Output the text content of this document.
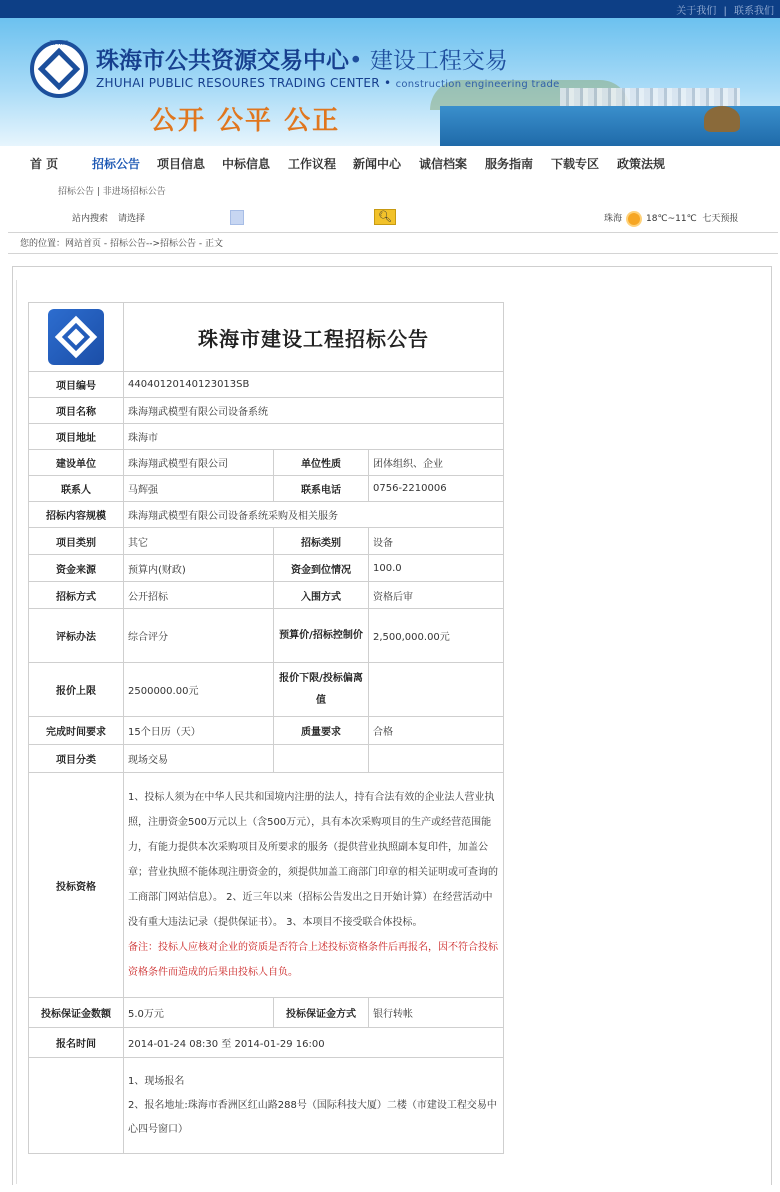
关于我们 | 联系我们
ZPRTC
珠海市公共资源交易中心• 建设工程交易
ZHUHAI PUBLIC RESOURES TRADING CENTER • construction engineering trade
公开 公平 公正
首 页	招标公告 项目信息 中标信息 工作议程 新闻中心 诚信档案 服务指南 下载专区 政策法规
招标公告 | 非进场招标公告
站内搜索 请选择	🔍︎	珠海	18℃~11℃ 七天预报
您的位置：网站首页 - 招标公告-->招标公告 - 正文
	珠海市建设工程招标公告		
项目编号	44040120140123013SB		
项目名称	珠海翔武模型有限公司设备系统		
项目地址	珠海市		
建设单位	珠海翔武模型有限公司	单位性质	团体组织、企业
联系人	马辉强	联系电话	0756-2210006
招标内容规模	珠海翔武模型有限公司设备系统采购及相关服务		
项目类别	其它	招标类别	设备
资金来源	预算内(财政)	资金到位情况	100.0
招标方式	公开招标	入围方式	资格后审
评标办法	综合评分	预算价/招标控制价	2,500,000.00元
报价上限	2500000.00元	报价下限/投标偏离值	
完成时间要求	15个日历（天）	质量要求	合格
项目分类	现场交易		
投标资格	1、投标人须为在中华人民共和国境内注册的法人，持有合法有效的企业法人营业执照，注册资金500万元以上（含500万元），具有本次采购项目的生产或经营范围能力，有能力提供本次采购项目及所要求的服务（提供营业执照副本复印件，加盖公章；营业执照不能体现注册资金的，须提供加盖工商部门印章的相关证明或可查询的工商部门网站信息）。 2、近三年以来（招标公告发出之日开始计算）在经营活动中没有重大违法记录（提供保证书）。 3、本项目不接受联合体投标。
备注：投标人应核对企业的资质是否符合上述投标资格条件后再报名，因不符合投标资格条件而造成的后果由投标人自负。		

投标保证金数额	5.0万元	投标保证金方式	银行转帐
报名时间	2014-01-24 08:30 至 2014-01-29 16:00		

	1、现场报名
2、报名地址:珠海市香洲区红山路288号（国际科技大厦）二楼（市建设工程交易中心四号窗口）		
